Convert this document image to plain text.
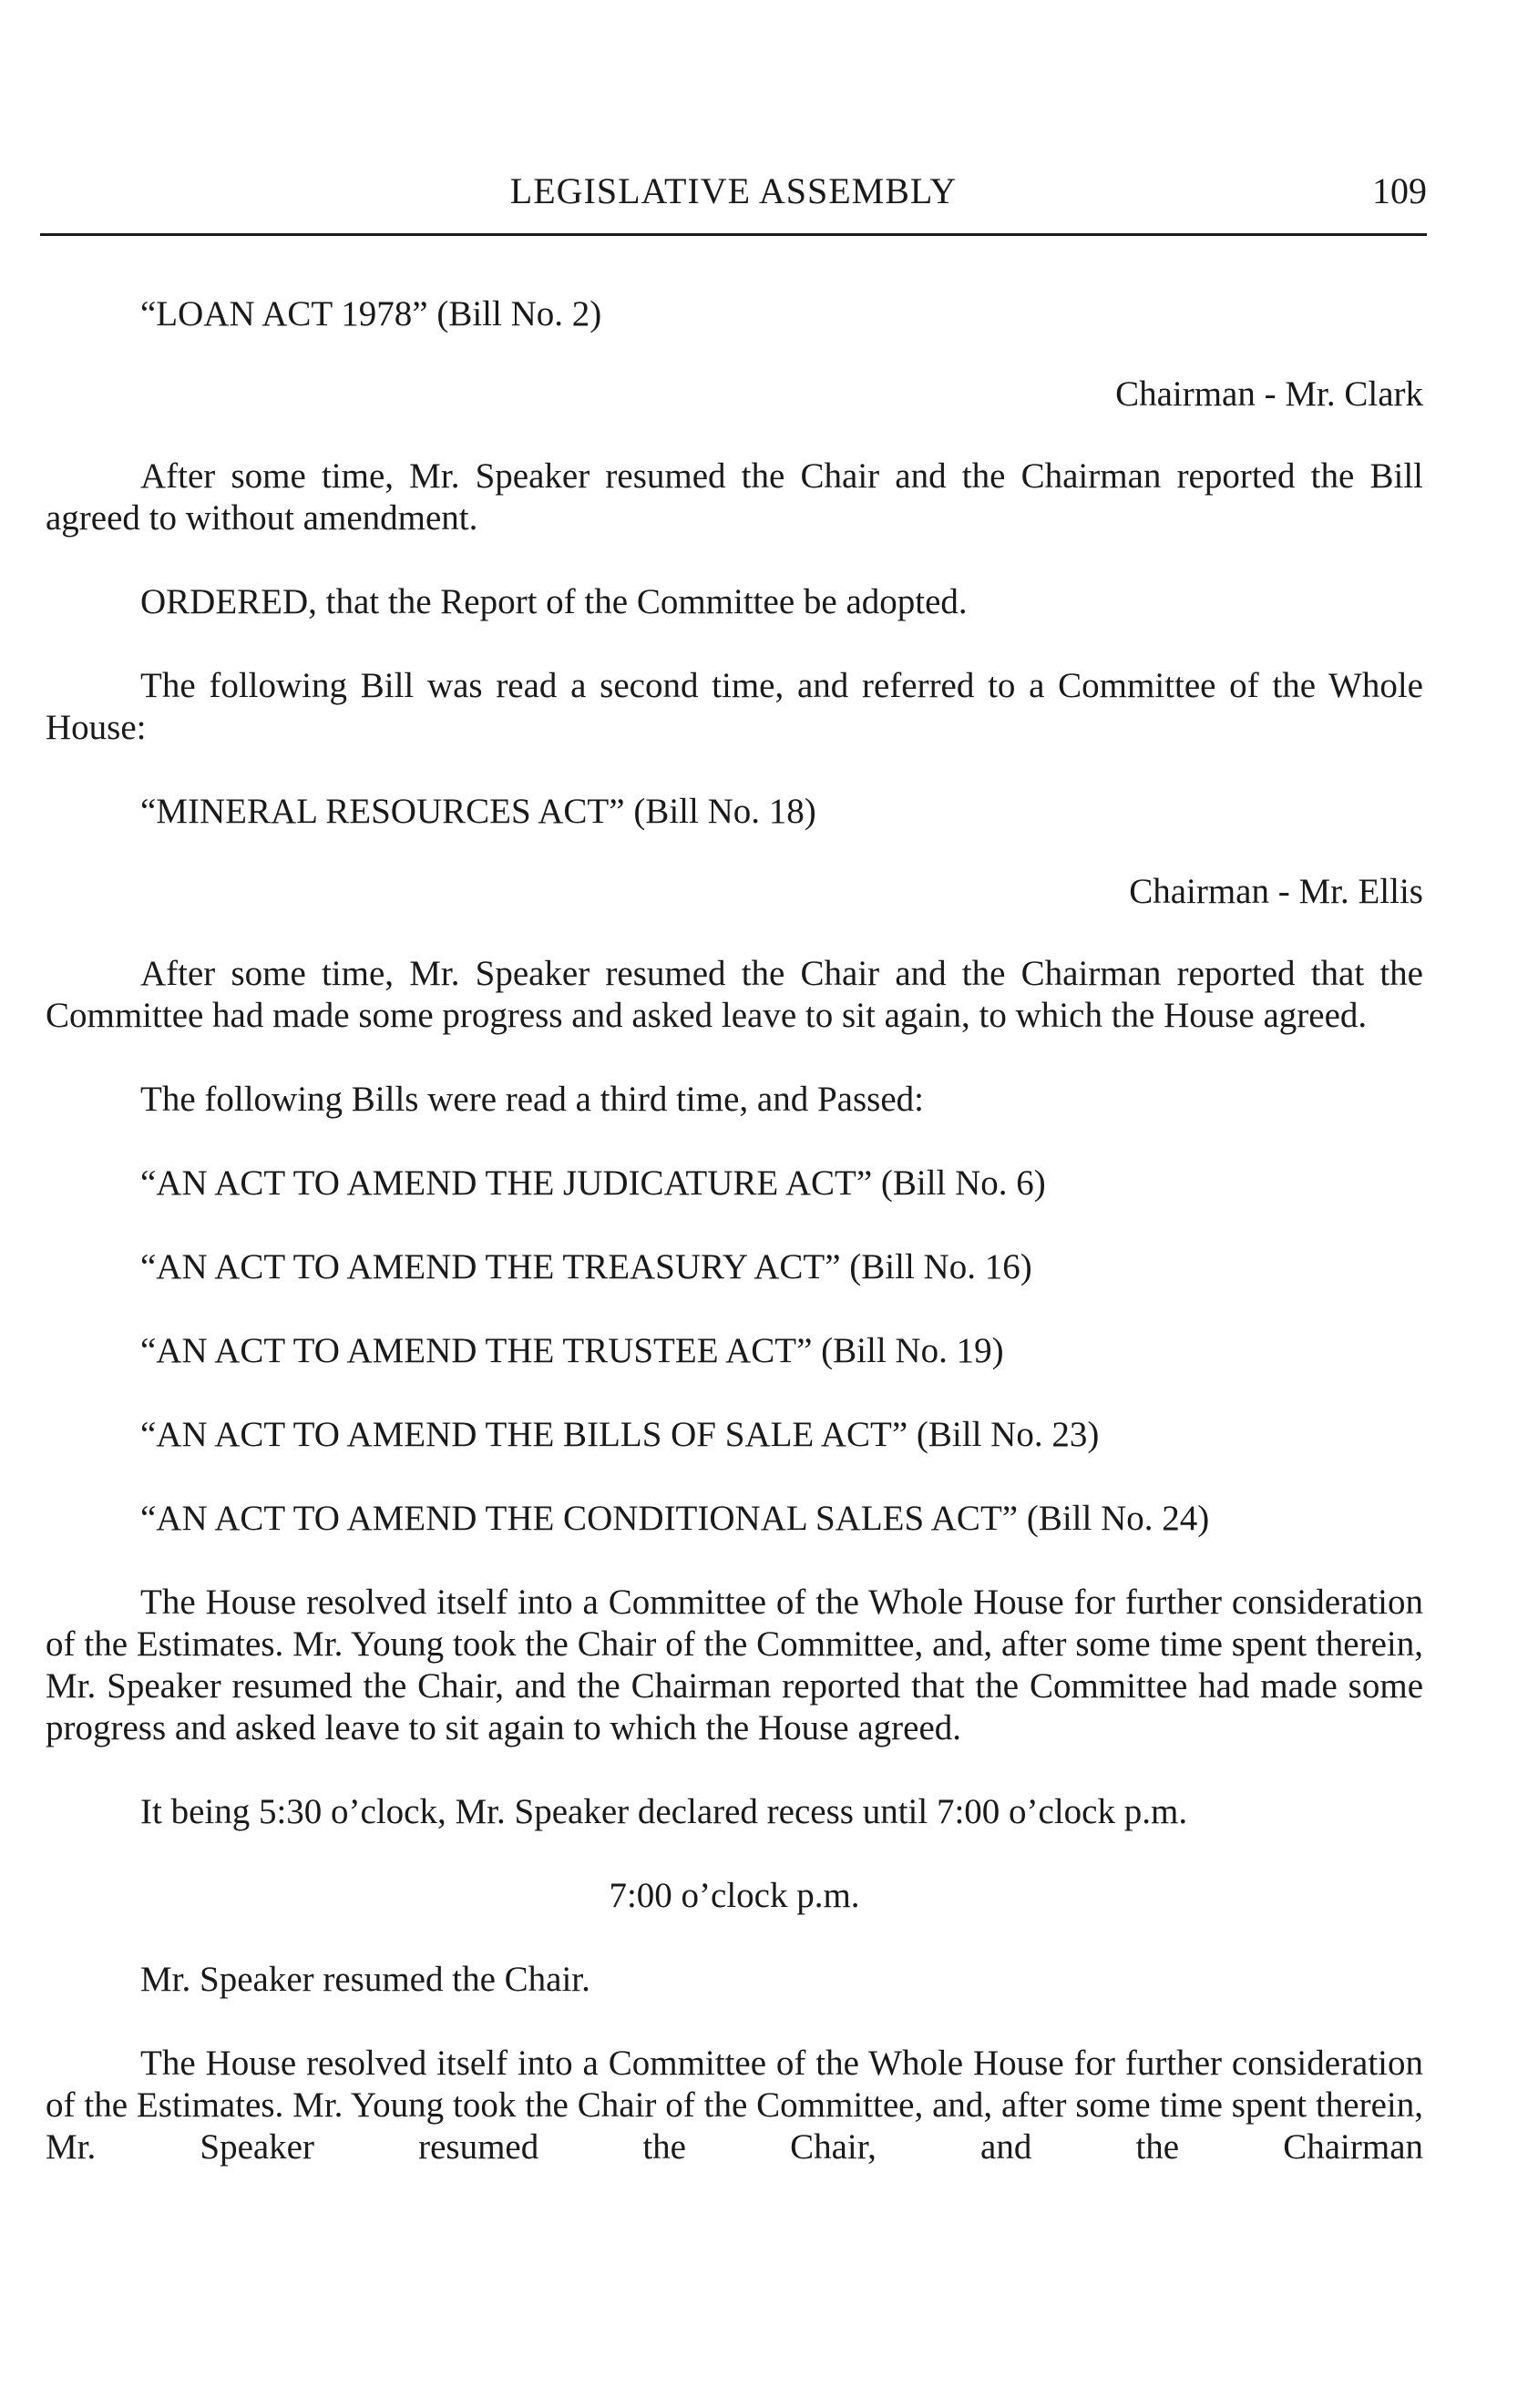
LEGISLATIVE ASSEMBLY	109
“LOAN ACT 1978” (Bill No. 2)
Chairman - Mr. Clark

After some time, Mr. Speaker resumed the Chair and the Chairman reported the Bill agreed to without amendment.

ORDERED, that the Report of the Committee be adopted.

The following Bill was read a second time, and referred to a Committee of the Whole House:

“MINERAL RESOURCES ACT” (Bill No. 18)
Chairman - Mr. Ellis

After some time, Mr. Speaker resumed the Chair and the Chairman reported that the Committee had made some progress and asked leave to sit again, to which the House agreed.

The following Bills were read a third time, and Passed:

“AN ACT TO AMEND THE JUDICATURE ACT” (Bill No. 6)
“AN ACT TO AMEND THE TREASURY ACT” (Bill No. 16)
“AN ACT TO AMEND THE TRUSTEE ACT” (Bill No. 19)
“AN ACT TO AMEND THE BILLS OF SALE ACT” (Bill No. 23)
“AN ACT TO AMEND THE CONDITIONAL SALES ACT” (Bill No. 24)

The House resolved itself into a Committee of the Whole House for further consideration of the Estimates. Mr. Young took the Chair of the Committee, and, after some time spent therein, Mr. Speaker resumed the Chair, and the Chairman reported that the Committee had made some progress and asked leave to sit again to which the House agreed.

It being 5:30 o’clock, Mr. Speaker declared recess until 7:00 o’clock p.m.

7:00 o’clock p.m.

Mr. Speaker resumed the Chair.

The House resolved itself into a Committee of the Whole House for further consideration of the Estimates. Mr. Young took the Chair of the Committee, and, after some time spent therein, Mr. Speaker resumed the Chair, and the Chairman
